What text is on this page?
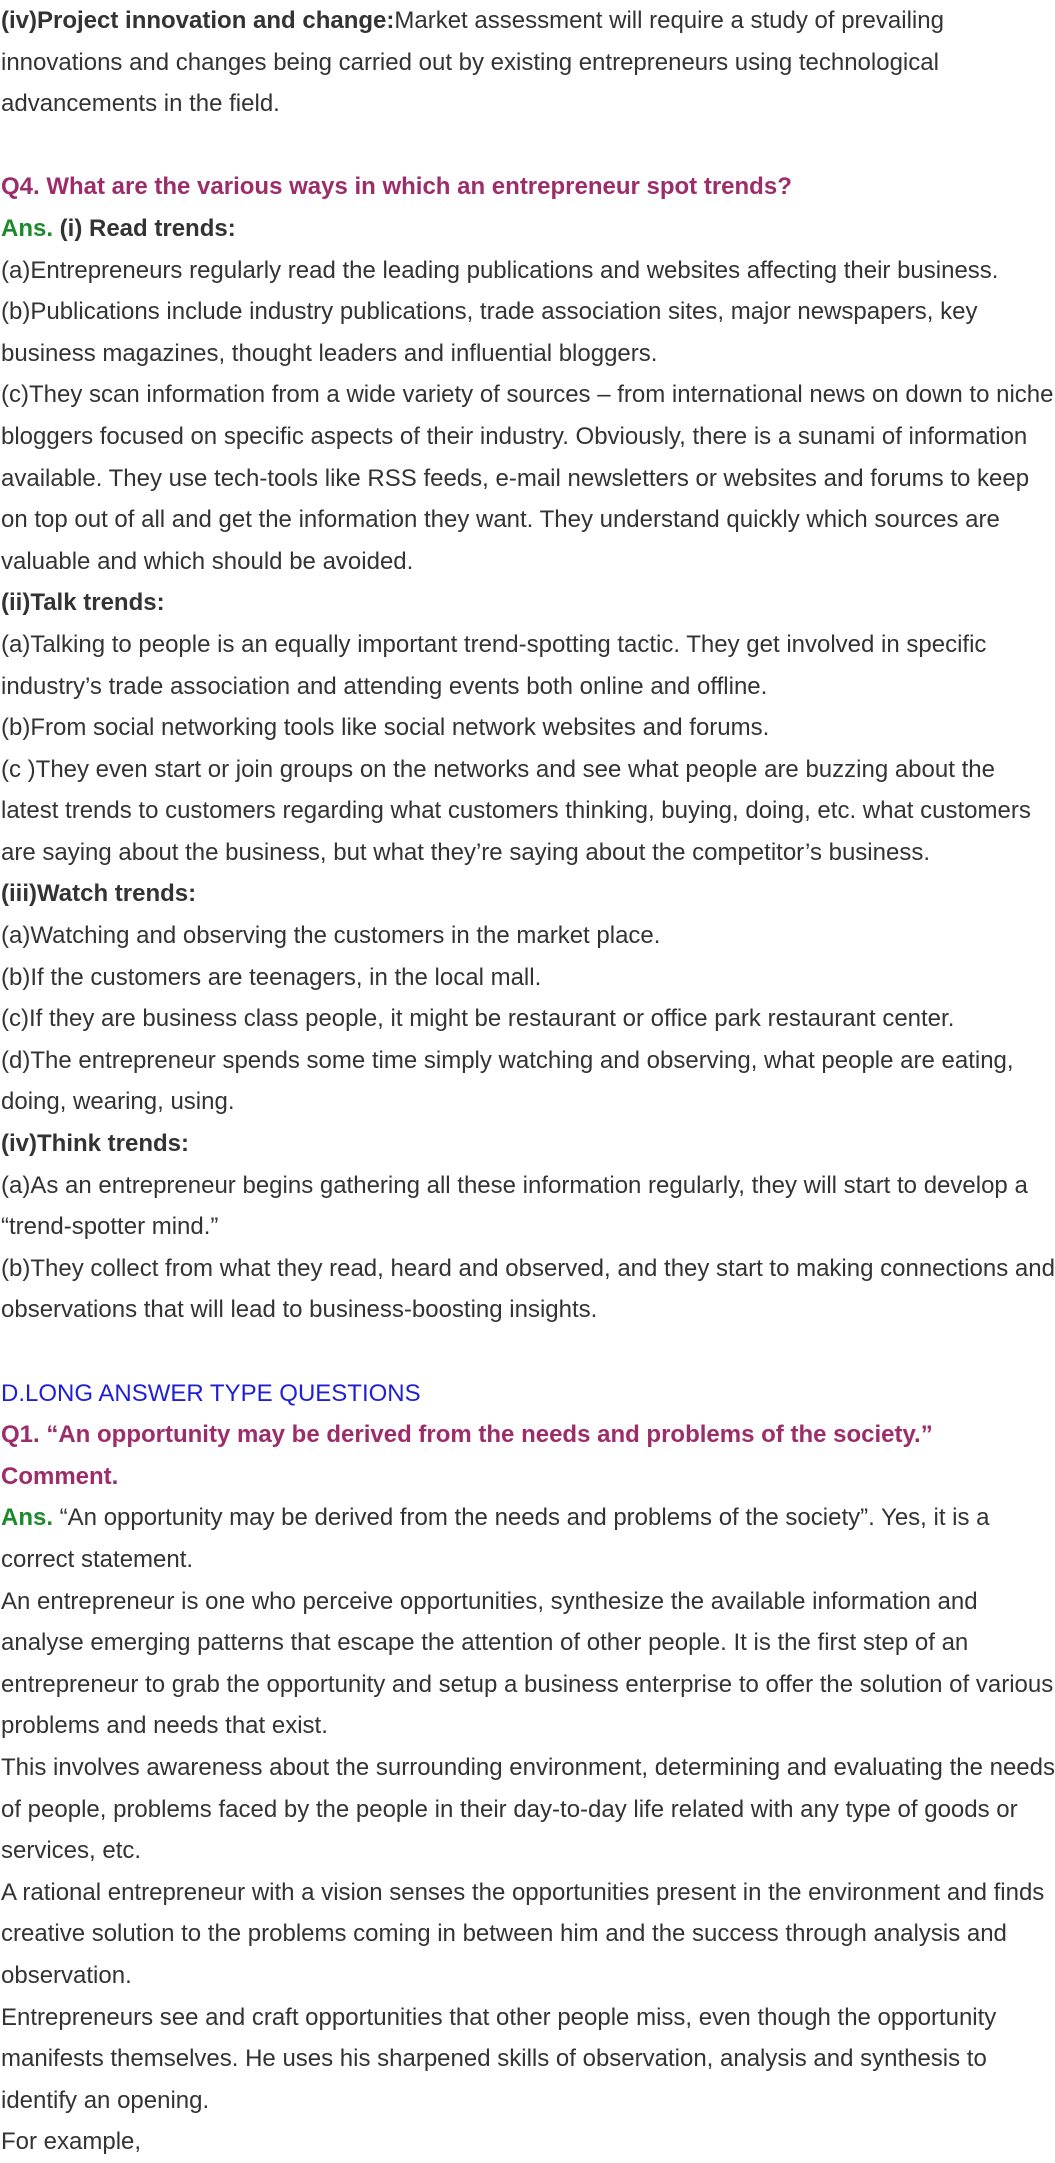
(iv)Project innovation and change:Market assessment will require a study of prevailing innovations and changes being carried out by existing entrepreneurs using technological advancements in the field.

Q4. What are the various ways in which an entrepreneur spot trends?

Ans. (i) Read trends:

(a)Entrepreneurs regularly read the leading publications and websites affecting their business.

(b)Publications include industry publications, trade association sites, major newspapers, key business magazines, thought leaders and influential bloggers.

(c)They scan information from a wide variety of sources – from international news on down to niche bloggers focused on specific aspects of their industry. Obviously, there is a sunami of information available. They use tech-tools like RSS feeds, e-mail newsletters or websites and forums to keep on top out of all and get the information they want. They understand quickly which sources are valuable and which should be avoided.

(ii)Talk trends:

(a)Talking to people is an equally important trend-spotting tactic. They get involved in specific industry’s trade association and attending events both online and offline.

(b)From social networking tools like social network websites and forums.

(c )They even start or join groups on the networks and see what people are buzzing about the latest trends to customers regarding what customers thinking, buying, doing, etc. what customers are saying about the business, but what they’re saying about the competitor’s business.

(iii)Watch trends:

(a)Watching and observing the customers in the market place.

(b)If the customers are teenagers, in the local mall.

(c)If they are business class people, it might be restaurant or office park restaurant center.

(d)The entrepreneur spends some time simply watching and observing, what people are eating, doing, wearing, using.

(iv)Think trends:

(a)As an entrepreneur begins gathering all these information regularly, they will start to develop a “trend-spotter mind.”

(b)They collect from what they read, heard and observed, and they start to making connections and observations that will lead to business-boosting insights.

D.LONG ANSWER TYPE QUESTIONS

Q1. “An opportunity may be derived from the needs and problems of the society.” Comment.

Ans. “An opportunity may be derived from the needs and problems of the society”. Yes, it is a correct statement.

An entrepreneur is one who perceive opportunities, synthesize the available information and analyse emerging patterns that escape the attention of other people. It is the first step of an entrepreneur to grab the opportunity and setup a business enterprise to offer the solution of various problems and needs that exist.

This involves awareness about the surrounding environment, determining and evaluating the needs of people, problems faced by the people in their day-to-day life related with any type of goods or services, etc.

A rational entrepreneur with a vision senses the opportunities present in the environment and finds creative solution to the problems coming in between him and the success through analysis and observation.

Entrepreneurs see and craft opportunities that other people miss, even though the opportunity manifests themselves. He uses his sharpened skills of observation, analysis and synthesis to identify an opening.

For example,
